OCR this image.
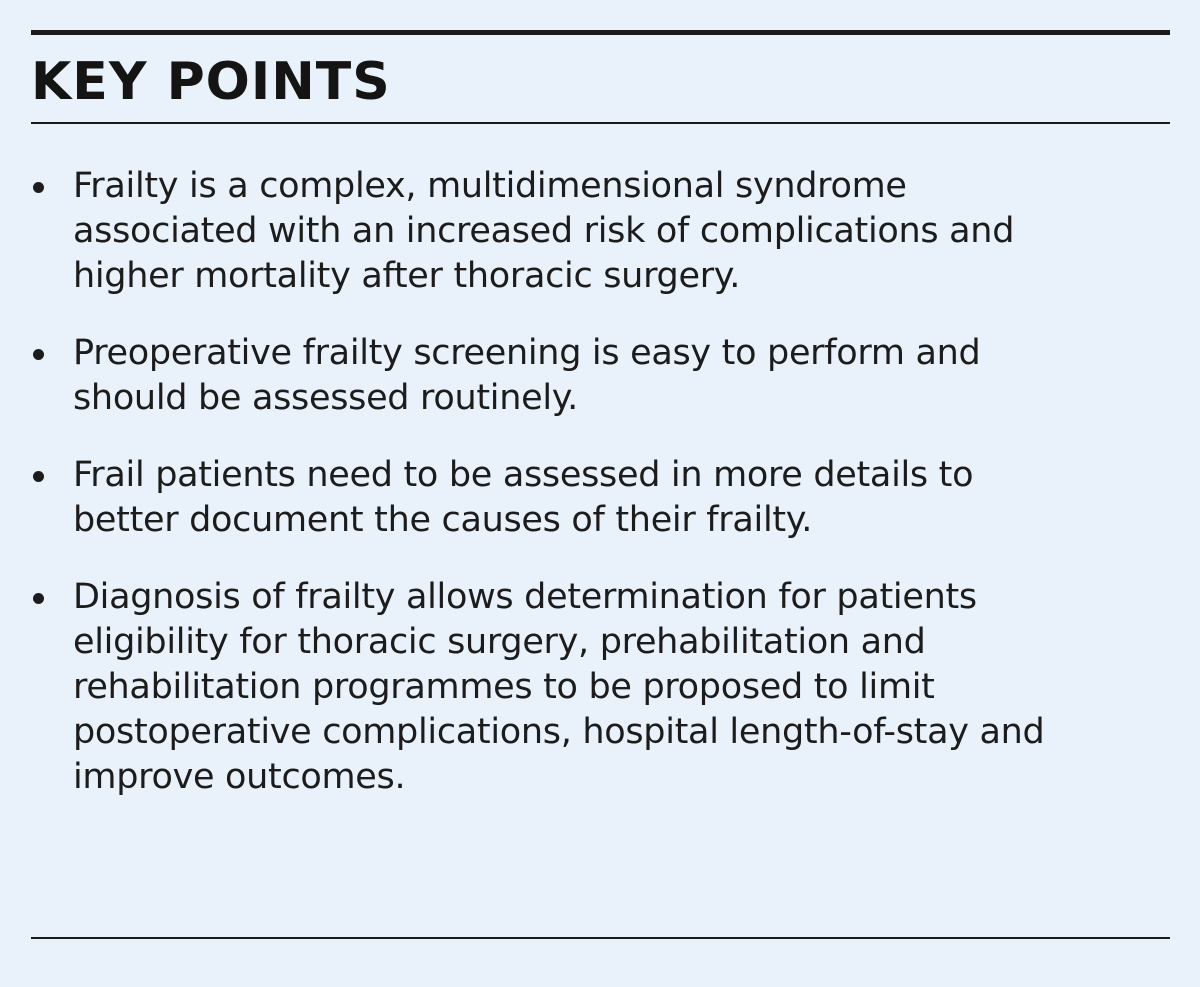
KEY POINTS
Frailty is a complex, multidimensional syndrome
associated with an increased risk of complications and
higher mortality after thoracic surgery.
Preoperative frailty screening is easy to perform and
should be assessed routinely.
Frail patients need to be assessed in more details to
better document the causes of their frailty.
Diagnosis of frailty allows determination for patients
eligibility for thoracic surgery, prehabilitation and
rehabilitation programmes to be proposed to limit
postoperative complications, hospital length-of-stay and
improve outcomes.
